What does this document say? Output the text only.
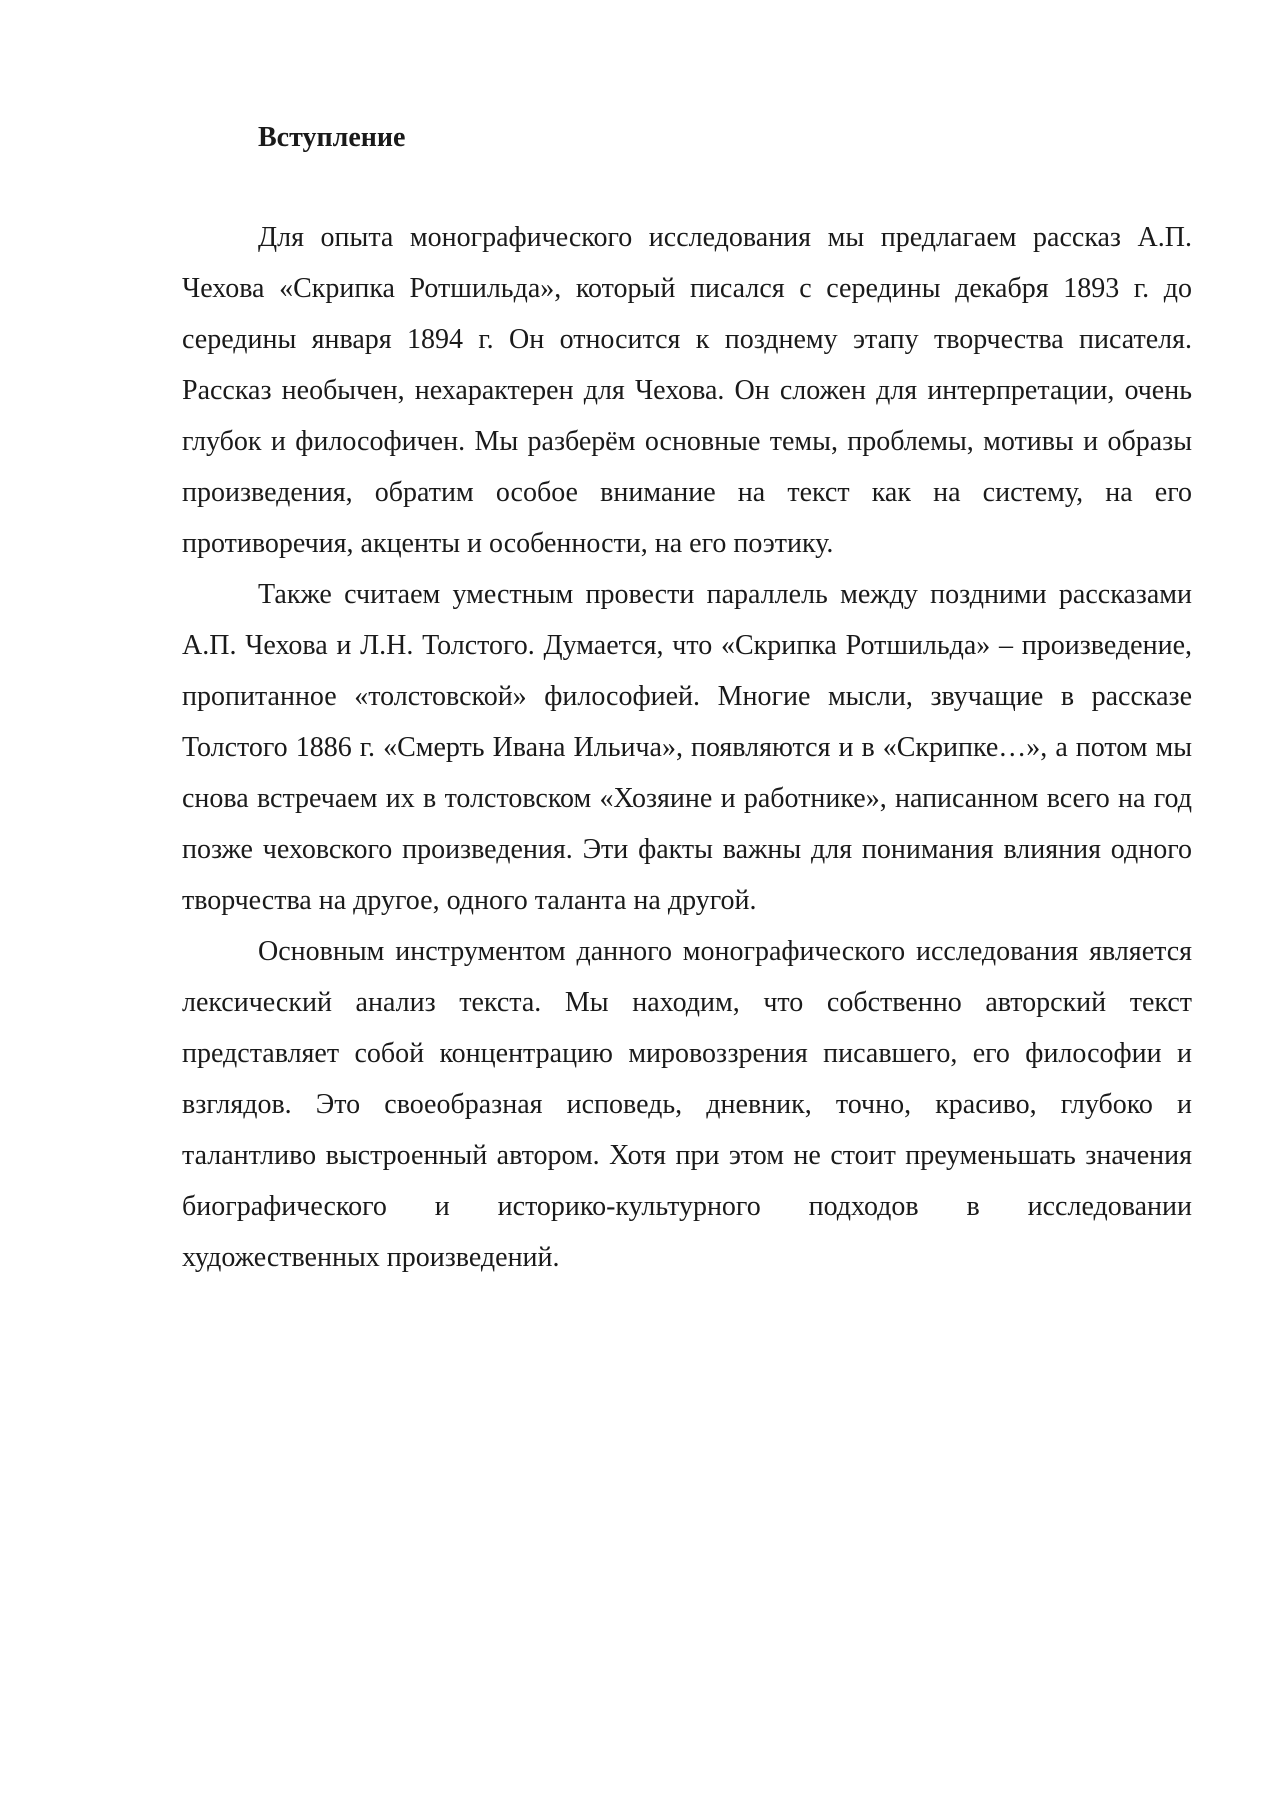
Вступление

Для опыта монографического исследования мы предлагаем рассказ А.П. Чехова «Скрипка Ротшильда», который писался с середины декабря 1893 г. до середины января 1894 г. Он относится к позднему этапу творчества писателя. Рассказ необычен, нехарактерен для Чехова. Он сложен для интерпретации, очень глубок и философичен. Мы разберём основные темы, проблемы, мотивы и образы произведения, обратим особое внимание на текст как на систему, на его противоречия, акценты и особенности, на его поэтику.

Также считаем уместным провести параллель между поздними рассказами А.П. Чехова и Л.Н. Толстого. Думается, что «Скрипка Ротшильда» – произведение, пропитанное «толстовской» философией. Многие мысли, звучащие в рассказе Толстого 1886 г. «Смерть Ивана Ильича», появляются и в «Скрипке…», а потом мы снова встречаем их в толстовском «Хозяине и работнике», написанном всего на год позже чеховского произведения. Эти факты важны для понимания влияния одного творчества на другое, одного таланта на другой.

Основным инструментом данного монографического исследования является лексический анализ текста. Мы находим, что собственно авторский текст представляет собой концентрацию мировоззрения писавшего, его философии и взглядов. Это своеобразная исповедь, дневник, точно, красиво, глубоко и талантливо выстроенный автором. Хотя при этом не стоит преуменьшать значения биографического и историко-культурного подходов в исследовании художественных произведений.
